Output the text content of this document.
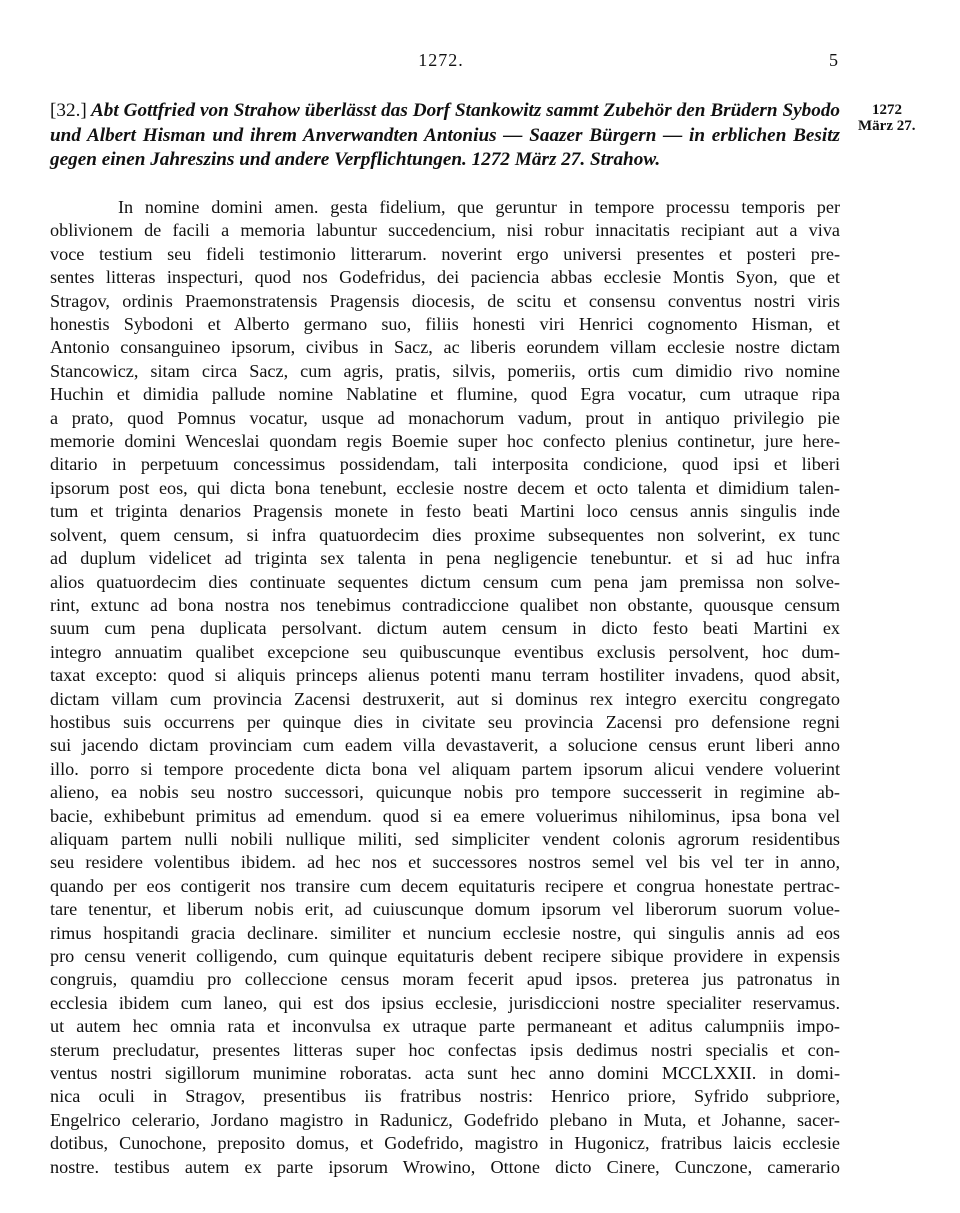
1272.	5
1272
März 27.
[32.] Abt Gottfried von Strahow überlässt das Dorf Stankowitz sammt Zubehör den Brüdern Sybodo und Albert Hisman und ihrem Anverwandten Antonius — Saazer Bürgern — in erblichen Besitz gegen einen Jahreszins und andere Verpflichtungen. 1272 März 27. Strahow.
In nomine domini amen. gesta fidelium, que geruntur in tempore processu temporis per
oblivionem de facili a memoria labuntur succedencium, nisi robur innacitatis recipiant aut a viva
voce testium seu fideli testimonio litterarum. noverint ergo universi presentes et posteri pre-
sentes litteras inspecturi, quod nos Godefridus, dei paciencia abbas ecclesie Montis Syon, que et
Stragov, ordinis Praemonstratensis Pragensis diocesis, de scitu et consensu conventus nostri viris
honestis Sybodoni et Alberto germano suo, filiis honesti viri Henrici cognomento Hisman, et
Antonio consanguineo ipsorum, civibus in Sacz, ac liberis eorundem villam ecclesie nostre dictam
Stancowicz, sitam circa Sacz, cum agris, pratis, silvis, pomeriis, ortis cum dimidio rivo nomine
Huchin et dimidia pallude nomine Nablatine et flumine, quod Egra vocatur, cum utraque ripa
a prato, quod Pomnus vocatur, usque ad monachorum vadum, prout in antiquo privilegio pie
memorie domini Wenceslai quondam regis Boemie super hoc confecto plenius continetur, jure here-
ditario in perpetuum concessimus possidendam, tali interposita condicione, quod ipsi et liberi
ipsorum post eos, qui dicta bona tenebunt, ecclesie nostre decem et octo talenta et dimidium talen-
tum et triginta denarios Pragensis monete in festo beati Martini loco census annis singulis inde
solvent, quem censum, si infra quatuordecim dies proxime subsequentes non solverint, ex tunc
ad duplum videlicet ad triginta sex talenta in pena negligencie tenebuntur. et si ad huc infra
alios quatuordecim dies continuate sequentes dictum censum cum pena jam premissa non solve-
rint, extunc ad bona nostra nos tenebimus contradiccione qualibet non obstante, quousque censum
suum cum pena duplicata persolvant. dictum autem censum in dicto festo beati Martini ex
integro annuatim qualibet excepcione seu quibuscunque eventibus exclusis persolvent, hoc dum-
taxat excepto: quod si aliquis princeps alienus potenti manu terram hostiliter invadens, quod absit,
dictam villam cum provincia Zacensi destruxerit, aut si dominus rex integro exercitu congregato
hostibus suis occurrens per quinque dies in civitate seu provincia Zacensi pro defensione regni
sui jacendo dictam provinciam cum eadem villa devastaverit, a solucione census erunt liberi anno
illo. porro si tempore procedente dicta bona vel aliquam partem ipsorum alicui vendere voluerint
alieno, ea nobis seu nostro successori, quicunque nobis pro tempore successerit in regimine ab-
bacie, exhibebunt primitus ad emendum. quod si ea emere voluerimus nihilominus, ipsa bona vel
aliquam partem nulli nobili nullique militi, sed simpliciter vendent colonis agrorum residentibus
seu residere volentibus ibidem. ad hec nos et successores nostros semel vel bis vel ter in anno,
quando per eos contigerit nos transire cum decem equitaturis recipere et congrua honestate pertrac-
tare tenentur, et liberum nobis erit, ad cuiuscunque domum ipsorum vel liberorum suorum volue-
rimus hospitandi gracia declinare. similiter et nuncium ecclesie nostre, qui singulis annis ad eos
pro censu venerit colligendo, cum quinque equitaturis debent recipere sibique providere in expensis
congruis, quamdiu pro colleccione census moram fecerit apud ipsos. preterea jus patronatus in
ecclesia ibidem cum laneo, qui est dos ipsius ecclesie, jurisdiccioni nostre specialiter reservamus.
ut autem hec omnia rata et inconvulsa ex utraque parte permaneant et aditus calumpniis impo-
sterum precludatur, presentes litteras super hoc confectas ipsis dedimus nostri specialis et con-
ventus nostri sigillorum munimine roboratas. acta sunt hec anno domini MCCLXXII. in domi-
nica oculi in Stragov, presentibus iis fratribus nostris: Henrico priore, Syfrido subpriore,
Engelrico celerario, Jordano magistro in Radunicz, Godefrido plebano in Muta, et Johanne, sacer-
dotibus, Cunochone, preposito domus, et Godefrido, magistro in Hugonicz, fratribus laicis ecclesie
nostre. testibus autem ex parte ipsorum Wrowino, Ottone dicto Cinere, Cunczone, camerario
